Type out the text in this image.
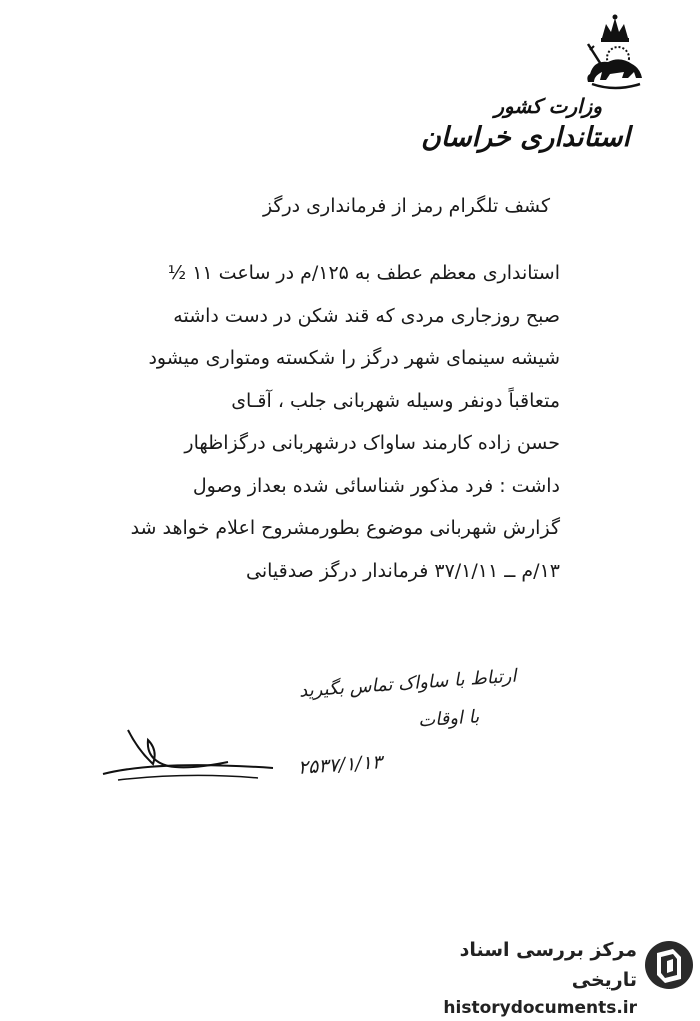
وزارت کشور
استانداری خراسان
کشف تلگرام رمز از فرمانداری درگز
استانداری معظم عطف به ۱۲۵/م در ساعت ۱۱ ½
صبح روزجاری مردی که قند شکن در دست داشته
شیشه سینمای شهر درگز را شکسته ومتواری میشود
متعاقباً دونفر وسیله شهربانی جلب ، آقـای
حسن زاده کارمند ساواک درشهربانی درگزاظهار
داشت : فرد مذکور شناسائی شده بعداز وصول
گزارش شهربانی موضوع بطورمشروح اعلام خواهد شد
۱۳/م ــ ۳۷/۱/۱۱ فرماندار درگز صدقیانی
ارتباط با ساواک تماس بگیرید
با اوقات
۲۵۳۷/۱/۱۳
مرکز بررسی اسناد تاریخی
historydocuments.ir
